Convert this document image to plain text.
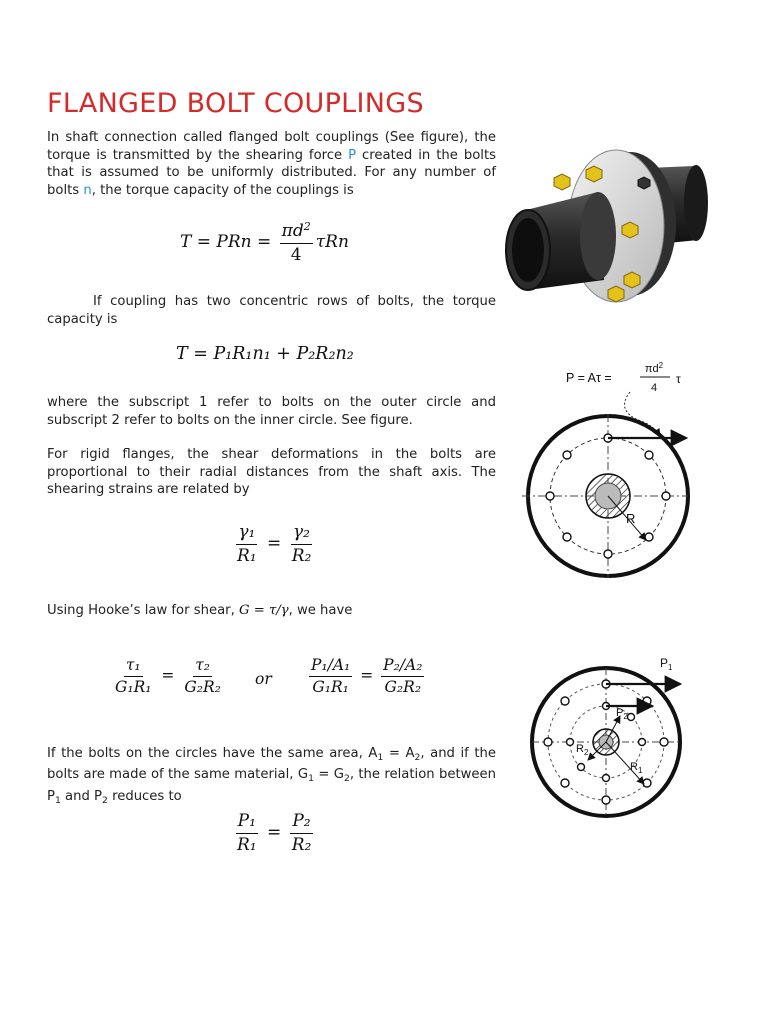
FLANGED BOLT COUPLINGS

In shaft connection called flanged bolt couplings (See figure), the torque is transmitted by the shearing force P created in the bolts that is assumed to be uniformly distributed. For any number of bolts n, the torque capacity of the couplings is

T = PRn = $\frac{\pi d^2}{4}$ τRn

If coupling has two concentric rows of bolts, the torque capacity is

T = P₁R₁n₁ + P₂R₂n₂

where the subscript 1 refer to bolts on the outer circle and subscript 2 refer to bolts on the inner circle. See figure.

For rigid flanges, the shear deformations in the bolts are proportional to their radial distances from the shaft axis. The shearing strains are related by

$\frac{\text{γ₁}}{\text{R₁}} = \frac{\text{γ₂}}{\text{R₂}}$

Using Hooke’s law for shear, G = τ/γ, we have

$\frac{\text{τ₁}}{\text{G₁R₁}} = \frac{\text{τ₂}}{\text{G₂R₂}}$ or $\frac{\text{P₁/A₁}}{\text{G₁R₁}} = \frac{\text{P₂/A₂}}{\text{G₂R₂}}$

If the bolts on the circles have the same area, $A_1 = A_2$, and if the bolts are made of the same material, $G_1 = G_2$, the relation between $P_1$ and $P_2$ reduces to

$\frac{\text{P₁}}{\text{R₁}} = \frac{\text{P₂}}{\text{R₂}}$
P = Aτ =
$\pi d^2$
4
τ
R
$P_1$
$P_2$
$R_2$
$R_1$
